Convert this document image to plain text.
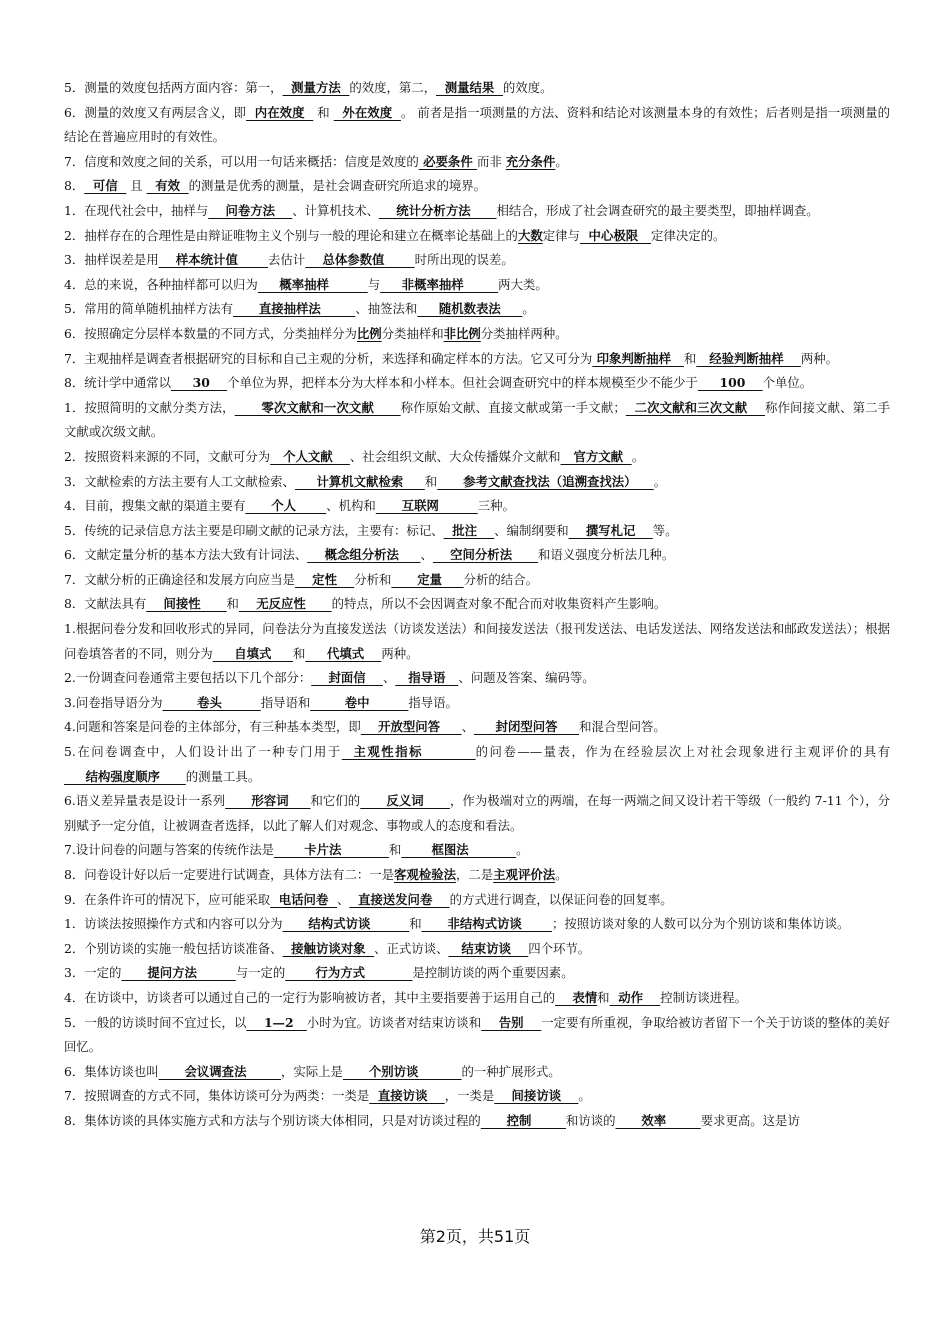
5．测量的效度包括两方面内容：第一，  测量方法  的效度，第二，  测量结果  的效度。

6．测量的效度又有两层含义，即  内在效度   和   外在效度  。 前者是指一项测量的方法、资料和结论对该测量本身的有效性；后者则是指一项测量的结论在普遍应用时的有效性。

7．信度和效度之间的关系，可以用一句话来概括：信度是效度的 必要条件 而非 充分条件。

8．  可信   且   有效  的测量是优秀的测量，是社会调查研究所追求的境界。

1．在现代社会中，抽样与    问卷方法    、计算机技术、    统计分析方法      相结合，形成了社会调查研究的最主要类型，即抽样调查。

2．抽样存在的合理性是由辩证唯物主义个别与一般的理论和建立在概率论基础上的大数定律与  中心极限   定律决定的。

3．抽样误差是用    样本统计值       去估计    总体参数值       时所出现的误差。

4．总的来说，各种抽样都可以归为     概率抽样         与     非概率抽样        两大类。

5．常用的简单随机抽样方法有      直接抽样法        、抽签法和     随机数表法     。

6．按照确定分层样本数量的不同方式，分类抽样分为比例分类抽样和非比例分类抽样两种。

7．主观抽样是调查者根据研究的目标和自己主观的分析，来选择和确定样本的方法。它又可分为 印象判断抽样   和   经验判断抽样    两种。

8．统计学中通常以     30    个单位为界，把样本分为大样本和小样本。但社会调查研究中的样本规模至少不能少于     100    个单位。

1．按照简明的文献分类方法，      零次文献和一次文献      称作原始文献、直接文献或第一手文献；  二次文献和三次文献    称作间接文献、第二手文献或次级文献。

2．按照资料来源的不同，文献可分为   个人文献    、社会组织文献、大众传播媒介文献和   官方文献  。

3．文献检索的方法主要有人工文献检索、     计算机文献检索     和      参考文献查找法（追溯查找法）    。

4．目前，搜集文献的渠道主要有      个人       、机构和      互联网         三种。

5．传统的记录信息方法主要是印刷文献的记录方法，主要有：标记、  批注    、编制纲要和    撰写札记    等。

6．文献定量分析的基本方法大致有计词法、    概念组分析法     、    空间分析法      和语义强度分析法几种。

7．文献分析的正确途径和发展方向应当是    定性    分析和      定量     分析的结合。

8．文献法具有    间接性      和    无反应性      的特点，所以不会因调查对象不配合而对收集资料产生影响。

1.根据问卷分发和回收形式的异同，问卷法分为直接发送法（访谈发送法）和间接发送法（报刊发送法、电话发送法、网络发送法和邮政发送法）；根据问卷填答者的不同，则分为     自填式     和     代填式    两种。

2.一份调查问卷通常主要包括以下几个部分：    封面信    、   指导语   、问题及答案、编码等。

3.问卷指导语分为        卷头         指导语和        卷中         指导语。

4.问题和答案是问卷的主体部分，有三种基本类型，即    开放型问答     、     封闭型问答     和混合型问答。

5.在问卷调查中，人们设计出了一种专门用于  主观性指标         的问卷——量表，作为在经验层次上对社会现象进行主观评价的具有     结构强度顺序      的测量工具。

6.语义差异量表是设计一系列      形容词     和它们的      反义词      ，作为极端对立的两端，在每一两端之间又设计若干等级（一般约 7-11 个），分别赋予一定分值，让被调查者选择，以此了解人们对观念、事物或人的态度和看法。

7.设计问卷的问题与答案的传统作法是       卡片法           和       框图法           。

8．问卷设计好以后一定要进行试调查，具体方法有二：一是客观检验法，二是主观评价法。

9．在条件许可的情况下，应可能采取  电话问卷  、  直接送发问卷    的方式进行调查，以保证问卷的回复率。

1．访谈法按照操作方式和内容可以分为      结构式访谈         和      非结构式访谈       ；按照访谈对象的人数可以分为个别访谈和集体访谈。

2．个别访谈的实施一般包括访谈准备、  接触访谈对象  、正式访谈、   结束访谈    四个环节。

3．一定的      提问方法         与一定的       行为方式           是控制访谈的两个重要因素。

4．在访谈中，访谈者可以通过自己的一定行为影响被访者，其中主要指要善于运用自己的    表情和  动作    控制访谈进程。

5．一般的访谈时间不宜过长，以    1—2   小时为宜。访谈者对结束访谈和    告别    一定要有所重视，争取给被访者留下一个关于访谈的整体的美好回忆。

6．集体访谈也叫      会议调查法        ，实际上是      个别访谈          的一种扩展形式。

7．按照调查的方式不同，集体访谈可分为两类：一类是  直接访谈    ，一类是    间接访谈    。

8．集体访谈的具体实施方式和方法与个别访谈大体相同，只是对访谈过程的      控制        和访谈的      效率        要求更高。这是访

第2页，共51页
